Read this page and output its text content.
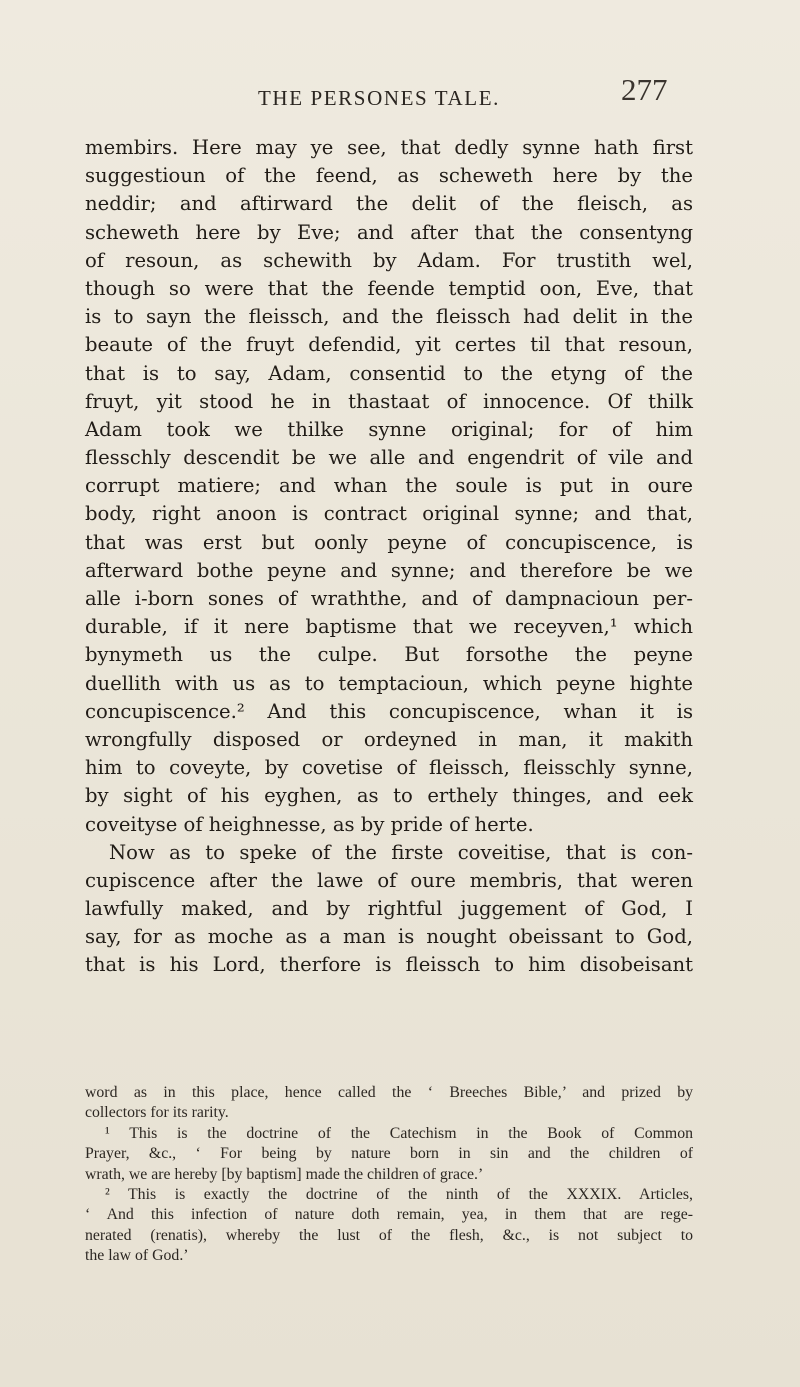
THE PERSONES TALE.	277
membirs. Here may ye see, that dedly synne hath first
suggestioun of the feend, as scheweth here by the
neddir; and aftirward the delit of the fleisch, as
scheweth here by Eve; and after that the consentyng
of resoun, as schewith by Adam. For trustith wel,
though so were that the feende temptid oon, Eve, that
is to sayn the fleissch, and the fleissch had delit in the
beaute of the fruyt defendid, yit certes til that resoun,
that is to say, Adam, consentid to the etyng of the
fruyt, yit stood he in thastaat of innocence. Of thilk
Adam took we thilke synne original; for of him
flesschly descendit be we alle and engendrit of vile and
corrupt matiere; and whan the soule is put in oure
body, right anoon is contract original synne; and that,
that was erst but oonly peyne of concupiscence, is
afterward bothe peyne and synne; and therefore be we
alle i-born sones of wraththe, and of dampnacioun per-
durable, if it nere baptisme that we receyven,¹ which
bynymeth us the culpe. But forsothe the peyne
duellith with us as to temptacioun, which peyne highte
concupiscence.² And this concupiscence, whan it is
wrongfully disposed or ordeyned in man, it makith
him to coveyte, by covetise of fleissch, fleisschly synne,
by sight of his eyghen, as to erthely thinges, and eek
coveityse of heighnesse, as by pride of herte.
Now as to speke of the firste coveitise, that is con-
cupiscence after the lawe of oure membris, that weren
lawfully maked, and by rightful juggement of God, I
say, for as moche as a man is nought obeissant to God,
that is his Lord, therfore is fleissch to him disobeisant
word as in this place, hence called the ‘ Breeches Bible,’ and prized by
collectors for its rarity.
¹ This is the doctrine of the Catechism in the Book of Common
Prayer, &c., ‘ For being by nature born in sin and the children of
wrath, we are hereby [by baptism] made the children of grace.’
² This is exactly the doctrine of the ninth of the XXXIX. Articles,
‘ And this infection of nature doth remain, yea, in them that are rege-
nerated (renatis), whereby the lust of the flesh, &c., is not subject to
the law of God.’
